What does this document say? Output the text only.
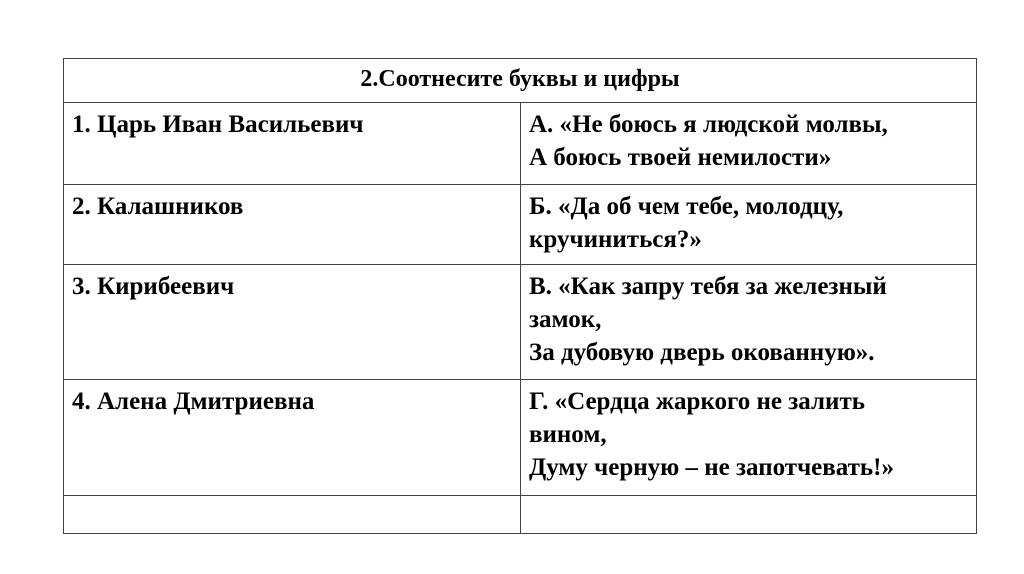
2.Соотнесите буквы и цифры	
1. Царь Иван Васильевич	А. «Не боюсь я людской молвы,
А боюсь твоей немилости»
2. Калашников	Б. «Да об чем тебе, молодцу,
кручиниться?»
3. Кирибеевич	В. «Как запру тебя за железный
замок,
За дубовую дверь окованную».
4. Алена Дмитриевна	Г. «Сердца жаркого не залить
вином,
Думу черную – не запотчевать!»
